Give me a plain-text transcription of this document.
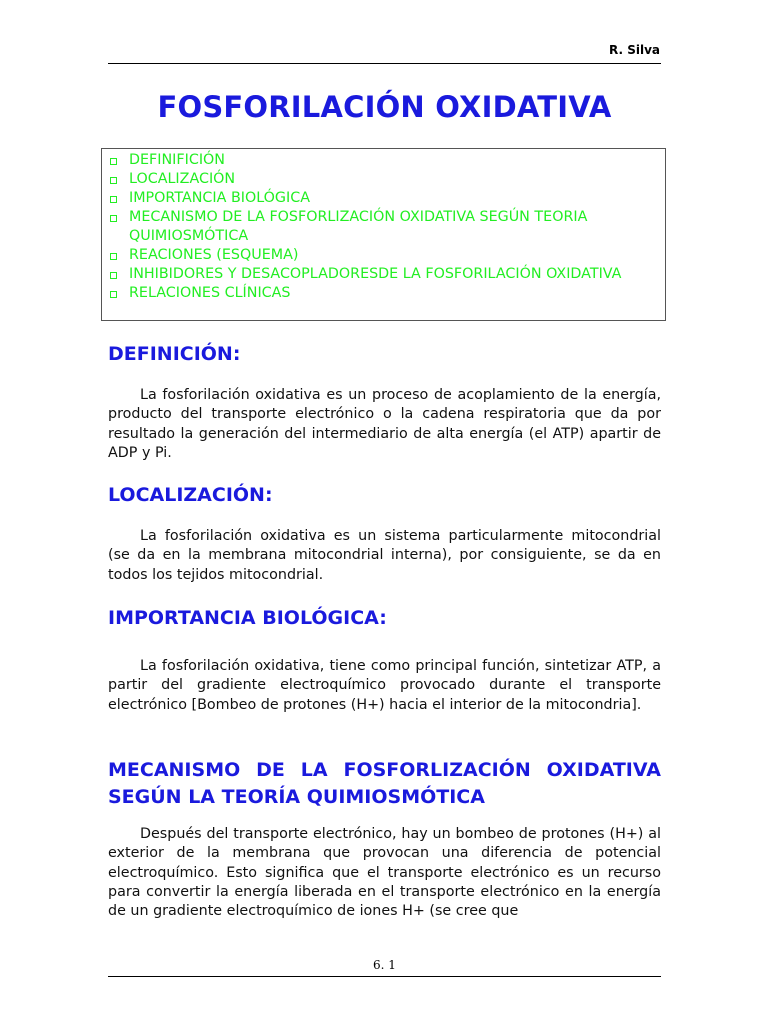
R. Silva
FOSFORILACIÓN OXIDATIVA
DEFINIFICIÓN
LOCALIZACIÓN
IMPORTANCIA BIOLÓGICA
MECANISMO DE LA FOSFORLIZACIÓN OXIDATIVA SEGÚN TEORIA QUIMIOSMÓTICA
REACIONES (ESQUEMA)
INHIBIDORES Y DESACOPLADORESDE LA FOSFORILACIÓN OXIDATIVA
RELACIONES CLÍNICAS
DEFINICIÓN:

La fosforilación oxidativa es un proceso de acoplamiento de la energía, producto del transporte electrónico o la cadena respiratoria que da por resultado la generación del intermediario de alta energía (el ATP) apartir de ADP y Pi.

LOCALIZACIÓN:

La fosforilación oxidativa es un sistema particularmente mitocondrial (se da en la membrana mitocondrial interna), por consiguiente, se da en todos los tejidos mitocondrial.

IMPORTANCIA BIOLÓGICA:

La fosforilación oxidativa, tiene como principal función, sintetizar ATP, a partir del gradiente electroquímico provocado durante el transporte electrónico [Bombeo de protones (H+) hacia el interior de la mitocondria].

MECANISMO DE LA FOSFORLIZACIÓN OXIDATIVA SEGÚN LA TEORÍA QUIMIOSMÓTICA

Después del transporte electrónico, hay un bombeo de protones (H+) al exterior de la membrana que provocan una diferencia de potencial electroquímico. Esto significa que el transporte electrónico es un recurso para convertir la energía liberada en el transporte electrónico en la energía de un gradiente electroquímico de iones H+ (se cree que

6. 1
